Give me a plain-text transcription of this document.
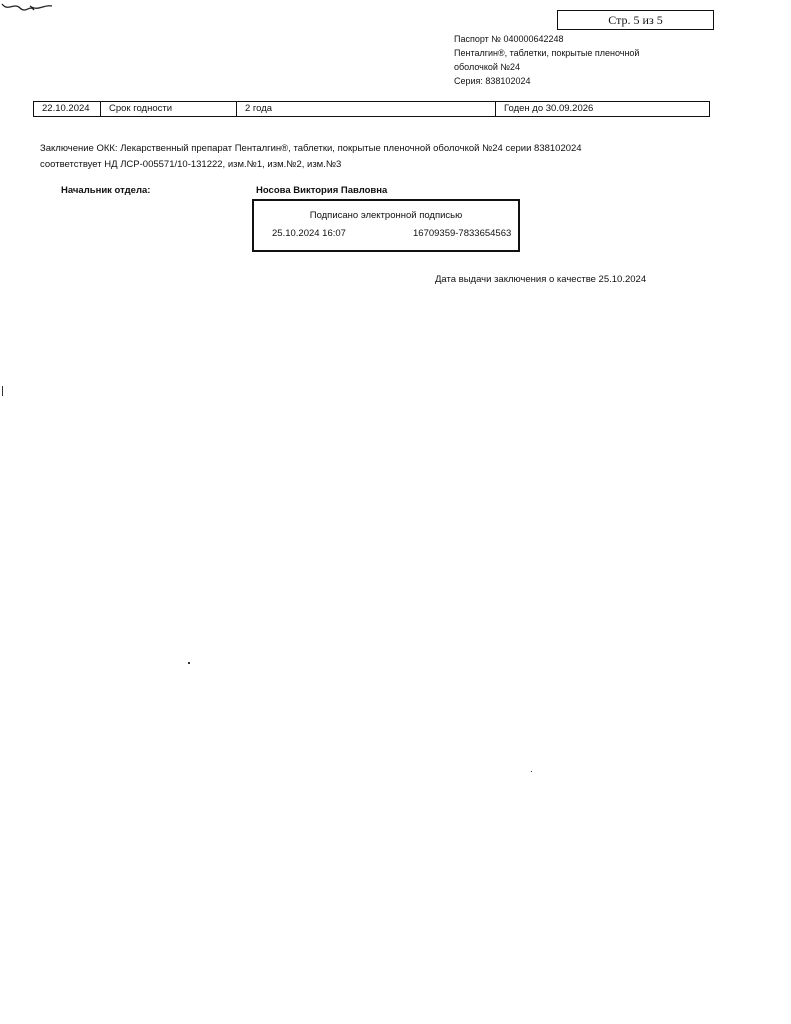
Стр. 5 из 5
Паспорт № 040000642248
Пенталгин®, таблетки, покрытые пленочной
оболочкой №24
Серия: 838102024
22.10.2024	Срок годности	2 года	Годен до 30.09.2026
Заключение ОКК: Лекарственный препарат Пенталгин®, таблетки, покрытые пленочной оболочкой №24 серии 838102024
соответствует НД ЛСР-005571/10-131222, изм.№1, изм.№2, изм.№3
Начальник отдела:	Носова Виктория Павловна
Подписано электронной подписью
25.10.2024 16:07	16709359-7833654563
Дата выдачи заключения о качестве 25.10.2024
